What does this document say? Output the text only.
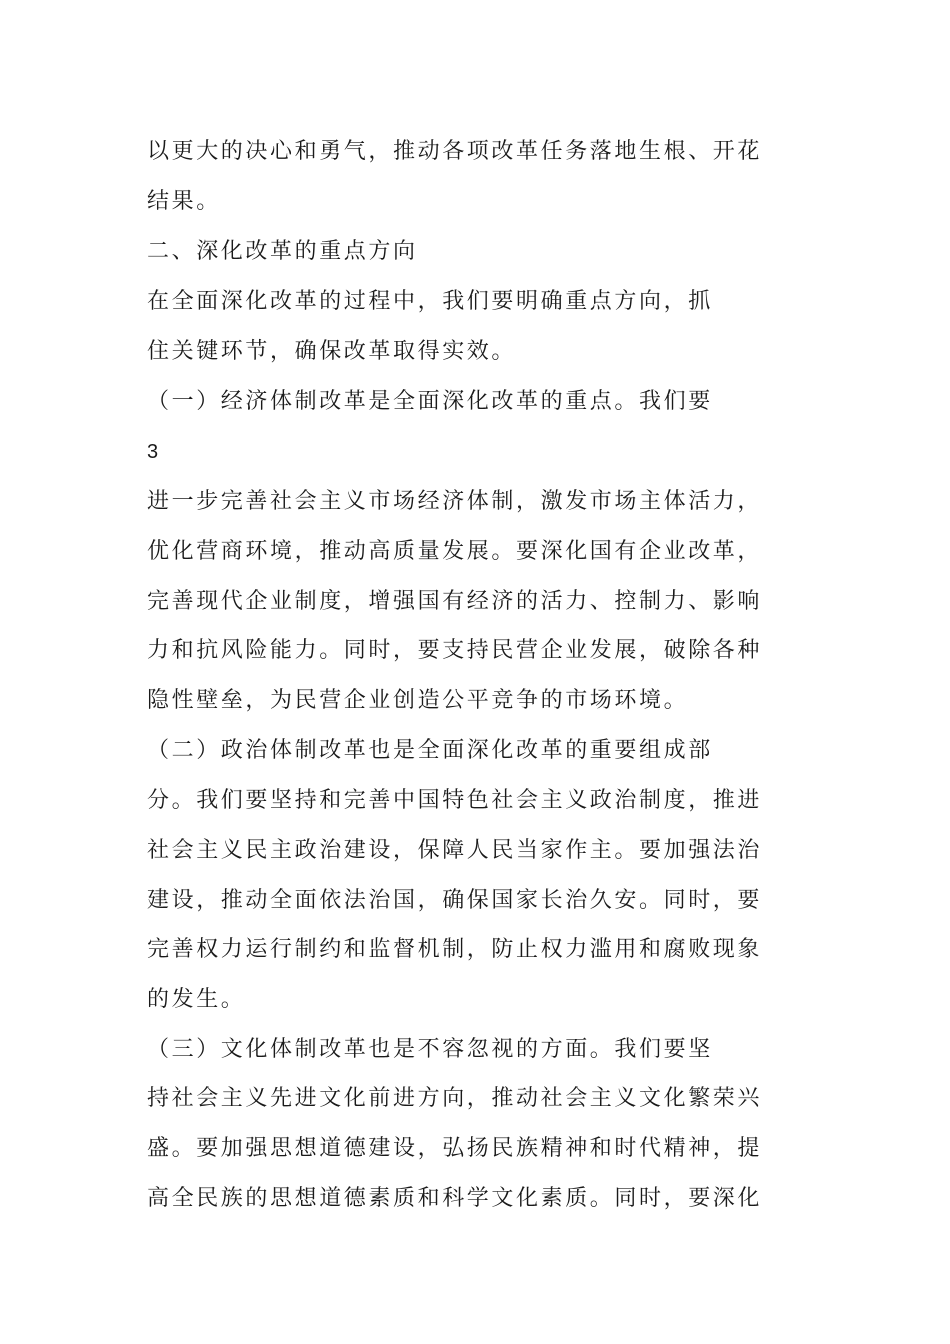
以更大的决心和勇气，推动各项改革任务落地生根、开花
结果。
二、深化改革的重点方向
在全面深化改革的过程中，我们要明确重点方向，抓
住关键环节，确保改革取得实效。
（一）经济体制改革是全面深化改革的重点。我们要
3
进一步完善社会主义市场经济体制，激发市场主体活力，
优化营商环境，推动高质量发展。要深化国有企业改革，
完善现代企业制度，增强国有经济的活力、控制力、影响
力和抗风险能力。同时，要支持民营企业发展，破除各种
隐性壁垒，为民营企业创造公平竞争的市场环境。
（二）政治体制改革也是全面深化改革的重要组成部
分。我们要坚持和完善中国特色社会主义政治制度，推进
社会主义民主政治建设，保障人民当家作主。要加强法治
建设，推动全面依法治国，确保国家长治久安。同时，要
完善权力运行制约和监督机制，防止权力滥用和腐败现象
的发生。
（三）文化体制改革也是不容忽视的方面。我们要坚
持社会主义先进文化前进方向，推动社会主义文化繁荣兴
盛。要加强思想道德建设，弘扬民族精神和时代精神，提
高全民族的思想道德素质和科学文化素质。同时，要深化
